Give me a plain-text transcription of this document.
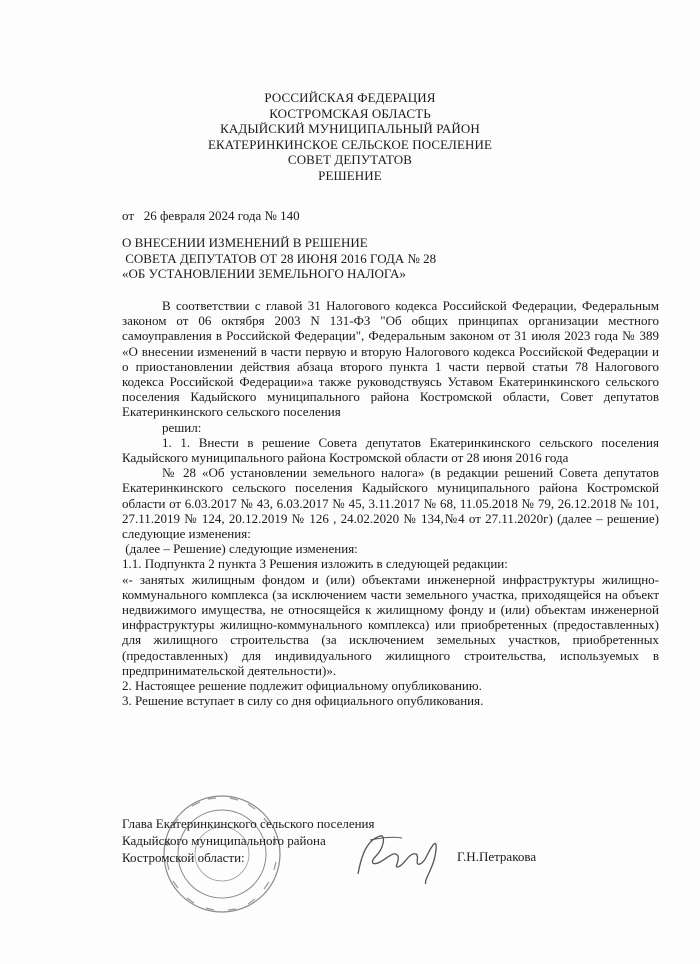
РОССИЙСКАЯ ФЕДЕРАЦИЯ
КОСТРОМСКАЯ ОБЛАСТЬ
КАДЫЙСКИЙ МУНИЦИПАЛЬНЫЙ РАЙОН
ЕКАТЕРИНКИНСКОЕ СЕЛЬСКОЕ ПОСЕЛЕНИЕ
СОВЕТ ДЕПУТАТОВ
РЕШЕНИЕ
от   26 февраля 2024 года № 140
О ВНЕСЕНИИ ИЗМЕНЕНИЙ В РЕШЕНИЕ
СОВЕТА ДЕПУТАТОВ ОТ 28 ИЮНЯ 2016 ГОДА № 28
«ОБ УСТАНОВЛЕНИИ ЗЕМЕЛЬНОГО НАЛОГА»

В соответствии с главой 31 Налогового кодекса Российской Федерации, Федеральным законом от 06 октября 2003 N 131-ФЗ "Об общих принципах организации местного самоуправления в Российской Федерации", Федеральным законом от 31 июля 2023 года № 389 «О внесении изменений в части первую и вторую Налогового кодекса Российской Федерации и о приостановлении действия абзаца второго пункта 1 части первой статьи 78 Налогового кодекса Российской Федерации»а также руководствуясь Уставом Екатеринкинского сельского поселения Кадыйского муниципального района Костромской области, Совет депутатов Екатеринкинского сельского поселения

решил:

1. 1. Внести в решение Совета депутатов Екатеринкинского сельского поселения Кадыйского муниципального района Костромской области от 28 июня 2016 года

№ 28 «Об установлении земельного налога» (в редакции решений Совета депутатов Екатеринкинского сельского поселения Кадыйского муниципального района Костромской области от 6.03.2017 № 43, 6.03.2017 № 45, 3.11.2017 № 68, 11.05.2018 № 79, 26.12.2018 № 101, 27.11.2019 № 124, 20.12.2019 № 126 , 24.02.2020 № 134,№4 от 27.11.2020г) (далее – решение) следующие изменения:

(далее – Решение) следующие изменения:

1.1. Подпункта 2 пункта 3 Решения изложить в следующей редакции:

«- занятых жилищным фондом и (или) объектами инженерной инфраструктуры жилищно-коммунального комплекса (за исключением части земельного участка, приходящейся на объект недвижимого имущества, не относящейся к жилищному фонду и (или) объектам инженерной инфраструктуры жилищно-коммунального комплекса) или приобретенных (предоставленных) для жилищного строительства (за исключением земельных участков, приобретенных (предоставленных) для индивидуального жилищного строительства, используемых в предпринимательской деятельности)».

2. Настоящее решение подлежит официальному опубликованию.

3. Решение вступает в силу со дня официального опубликования.

Глава Екатеринкинского сельского поселения
Кадыйского муниципального района
Костромской области:	Г.Н.Петракова
